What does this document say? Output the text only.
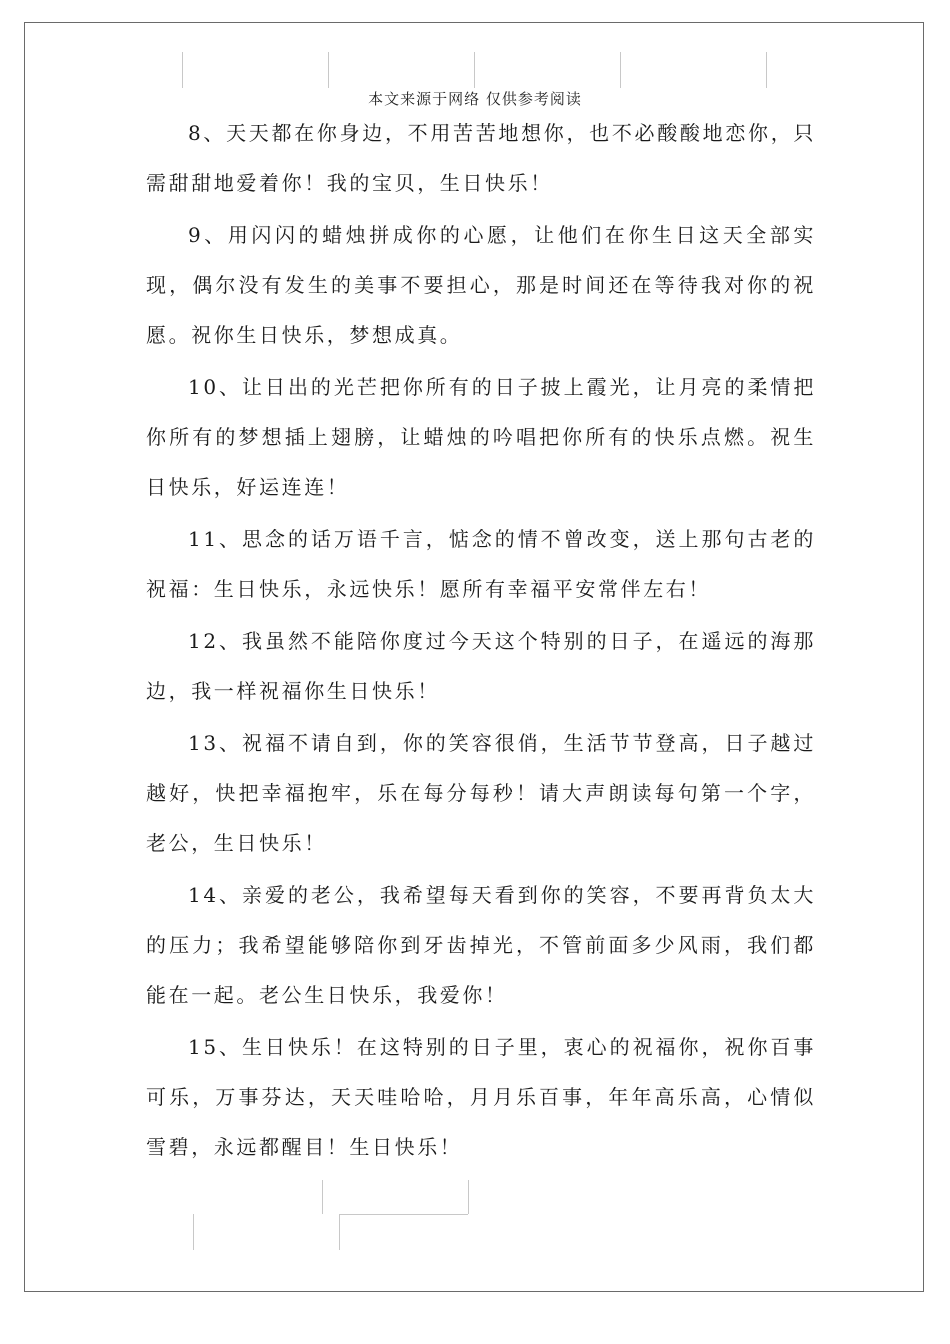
本文来源于网络 仅供参考阅读

8、天天都在你身边，不用苦苦地想你，也不必酸酸地恋你，只需甜甜地爱着你！我的宝贝，生日快乐！

9、用闪闪的蜡烛拼成你的心愿，让他们在你生日这天全部实现，偶尔没有发生的美事不要担心，那是时间还在等待我对你的祝愿。祝你生日快乐，梦想成真。

10、让日出的光芒把你所有的日子披上霞光，让月亮的柔情把你所有的梦想插上翅膀，让蜡烛的吟唱把你所有的快乐点燃。祝生日快乐，好运连连！

11、思念的话万语千言，惦念的情不曾改变，送上那句古老的祝福：生日快乐，永远快乐！愿所有幸福平安常伴左右！

12、我虽然不能陪你度过今天这个特别的日子，在遥远的海那边，我一样祝福你生日快乐！

13、祝福不请自到，你的笑容很俏，生活节节登高，日子越过越好，快把幸福抱牢，乐在每分每秒！请大声朗读每句第一个字，老公，生日快乐！

14、亲爱的老公，我希望每天看到你的笑容，不要再背负太大的压力；我希望能够陪你到牙齿掉光，不管前面多少风雨，我们都能在一起。老公生日快乐，我爱你！

15、生日快乐！在这特别的日子里，衷心的祝福你，祝你百事可乐，万事芬达，天天哇哈哈，月月乐百事，年年高乐高，心情似雪碧，永远都醒目！生日快乐！
